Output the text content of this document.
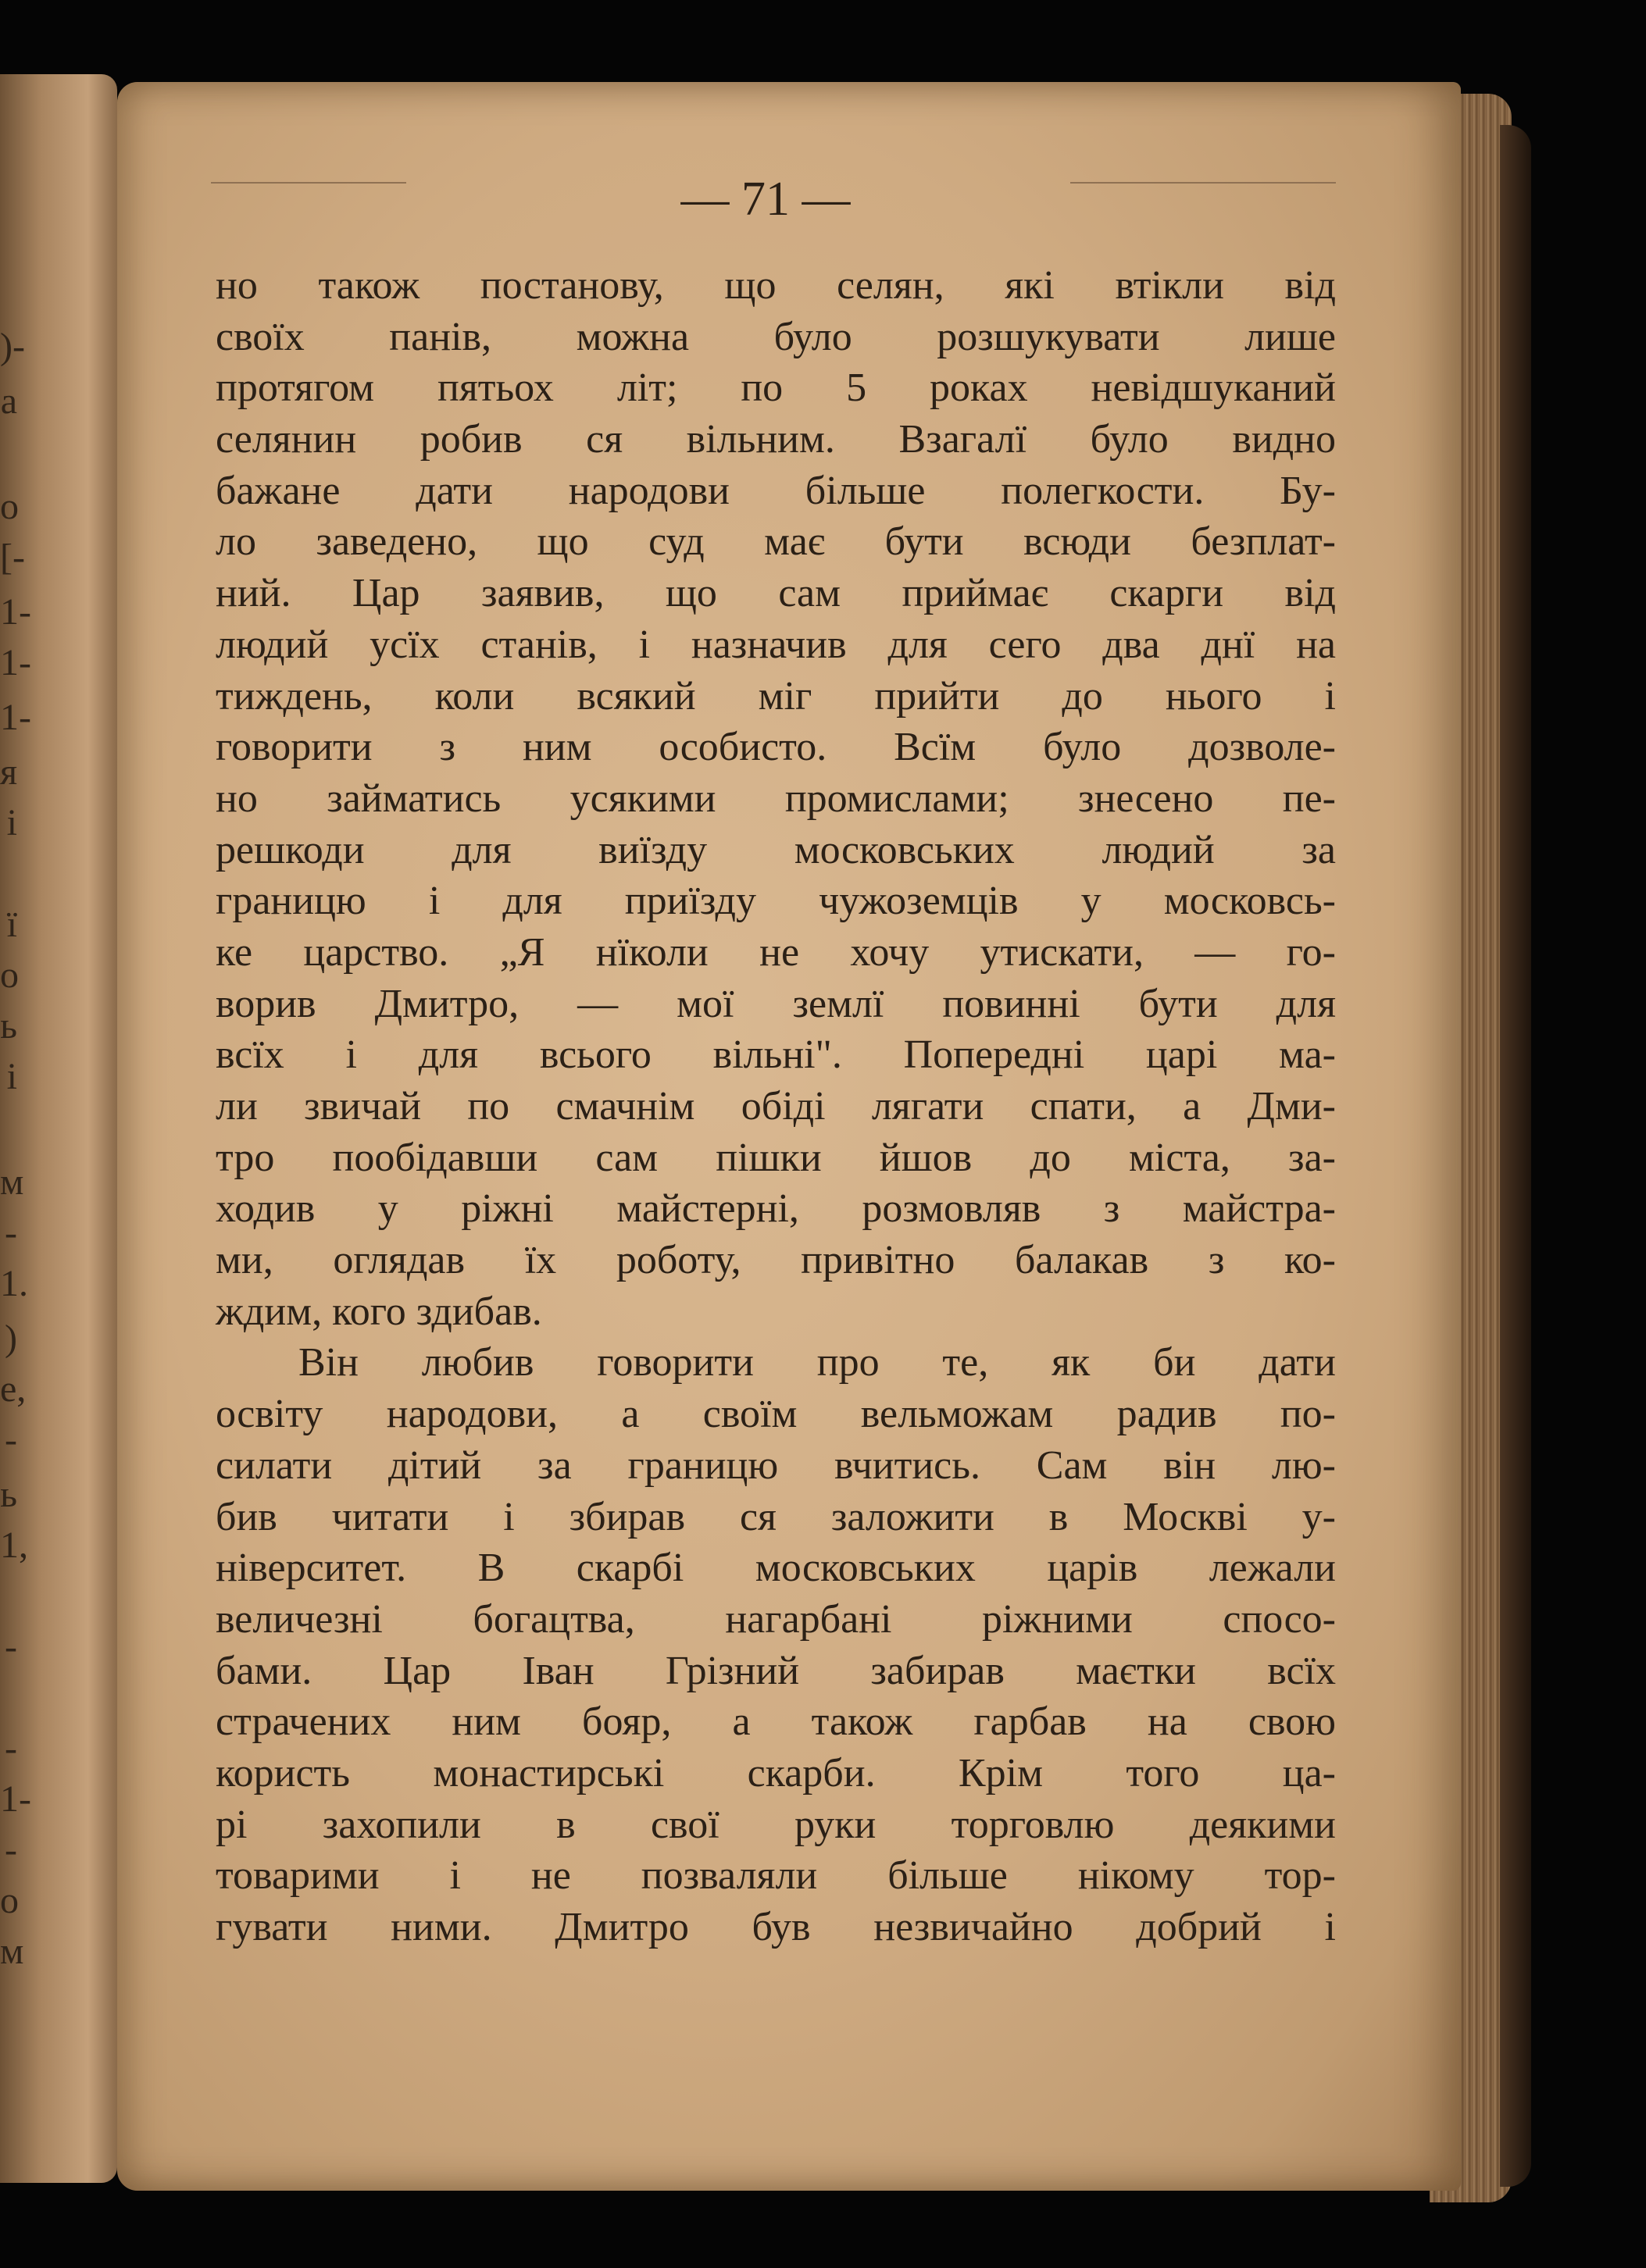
)-
а
о
[-
1-
1-
1-
я
і
ї
о
ь
і
м
-
1.
)
е,
-
ь
1,
-
-
1-
-
о
м
— 71 —
но також постанову, що селян, які втікли від
своїх панів, можна було розшукувати лише
протягом пятьох літ; по 5 роках невідшуканий
селянин робив ся вільним. Взагалї було видно
бажане дати народови більше полегкости. Бу-
ло заведено, що суд має бути всюди безплат-
ний. Цар заявив, що сам приймає скарги від
людий усїх станів, і назначив для сего два днї на
тиждень, коли всякий міг прийти до нього і
говорити з ним особисто. Всїм було дозволе-
но займатись усякими промислами; знесено пе-
решкоди для виїзду московських людий за
границю і для приїзду чужоземців у московсь-
ке царство. „Я нїколи не хочу утискати, — го-
ворив Дмитро, — мої землї повинні бути для
всїх і для всього вільні". Попередні царі ма-
ли звичай по смачнім обіді лягати спати, а Дми-
тро пообідавши сам пішки йшов до міста, за-
ходив у ріжні майстерні, розмовляв з майстра-
ми, оглядав їх роботу, привітно балакав з ко-
ждим, кого здибав.
Він любив говорити про те, як би дати
освіту народови, а своїм вельможам радив по-
силати дітий за границю вчитись. Сам він лю-
бив читати і збирав ся заложити в Москві у-
ніверситет. В скарбі московських царів лежали
величезні богацтва, нагарбані ріжними спосо-
бами. Цар Іван Грізний забирав маєтки всїх
страчених ним бояр, а також гарбав на свою
користь монастирські скарби. Крім того ца-
рі захопили в свої руки торговлю деякими
товарими і не позваляли більше нікому тор-
гувати ними. Дмитро був незвичайно добрий і
